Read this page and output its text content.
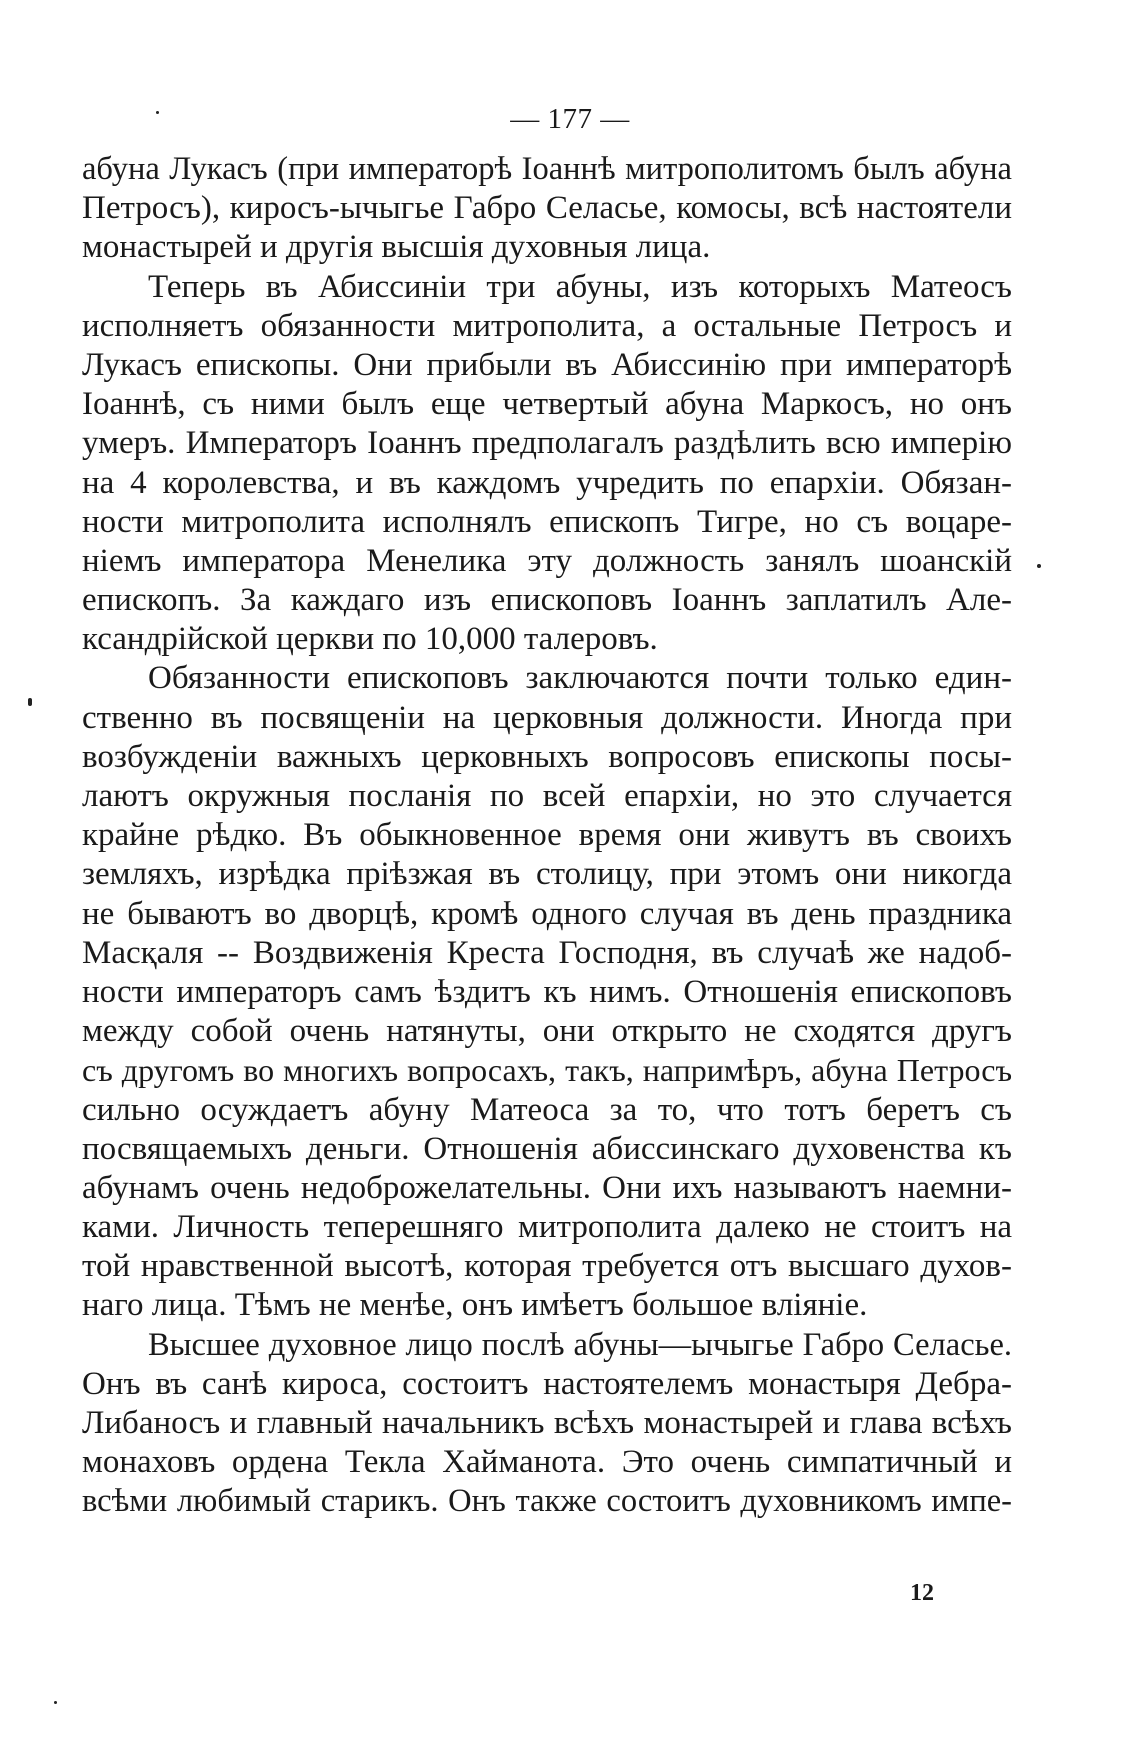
— 177 —
абуна Лукасъ (при императорѣ Іоаннѣ митрополитомъ былъ абуна
Петросъ), киросъ-ычыгье Габро Селасье, комосы, всѣ настоятели
монастырей и другія высшія духовныя лица.
Теперь въ Абиссиніи три абуны, изъ которыхъ Матеосъ
исполняетъ обязанности митрополита, а остальные Петросъ и
Лукасъ епископы. Они прибыли въ Абиссинію при императорѣ
Іоаннѣ, съ ними былъ еще четвертый абуна Маркосъ, но онъ
умеръ. Императоръ Іоаннъ предполагалъ раздѣлить всю имперію
на 4 королевства, и въ каждомъ учредить по епархіи. Обязан-
ности митрополита исполнялъ епископъ Тигре, но съ воцаре-
ніемъ императора Менелика эту должность занялъ шоанскій
епископъ. За каждаго изъ епископовъ Іоаннъ заплатилъ Але-
ксандрійской церкви по 10,000 талеровъ.
Обязанности епископовъ заключаются почти только един-
ственно въ посвященіи на церковныя должности. Иногда при
возбужденіи важныхъ церковныхъ вопросовъ епископы посы-
лаютъ окружныя посланія по всей епархіи, но это случается
крайне рѣдко. Въ обыкновенное время они живутъ въ своихъ
земляхъ, изрѣдка пріѣзжая въ столицу, при этомъ они никогда
не бываютъ во дворцѣ, кромѣ одного случая въ день праздника
Масқаля -- Воздвиженія Креста Господня, въ случаѣ же надоб-
ности императоръ самъ ѣздитъ къ нимъ. Отношенія епископовъ
между собой очень натянуты, они открыто не сходятся другъ
съ другомъ во многихъ вопросахъ, такъ, напримѣръ, абуна Петросъ
сильно осуждаетъ абуну Матеоса за то, что тотъ беретъ съ
посвящаемыхъ деньги. Отношенія абиссинскаго духовенства къ
абунамъ очень недоброжелательны. Они ихъ называютъ наемни-
ками. Личность теперешняго митрополита далеко не стоитъ на
той нравственной высотѣ, которая требуется отъ высшаго духов-
наго лица. Тѣмъ не менѣе, онъ имѣетъ большое вліяніе.
Высшее духовное лицо послѣ абуны—ычыгье Габро Селасье.
Онъ въ санѣ кироса, состоитъ настоятелемъ монастыря Дебра-
Либаносъ и главный начальникъ всѣхъ монастырей и глава всѣхъ
монаховъ ордена Текла Хайманота. Это очень симпатичный и
всѣми любимый старикъ. Онъ также состоитъ духовникомъ импе-
12
